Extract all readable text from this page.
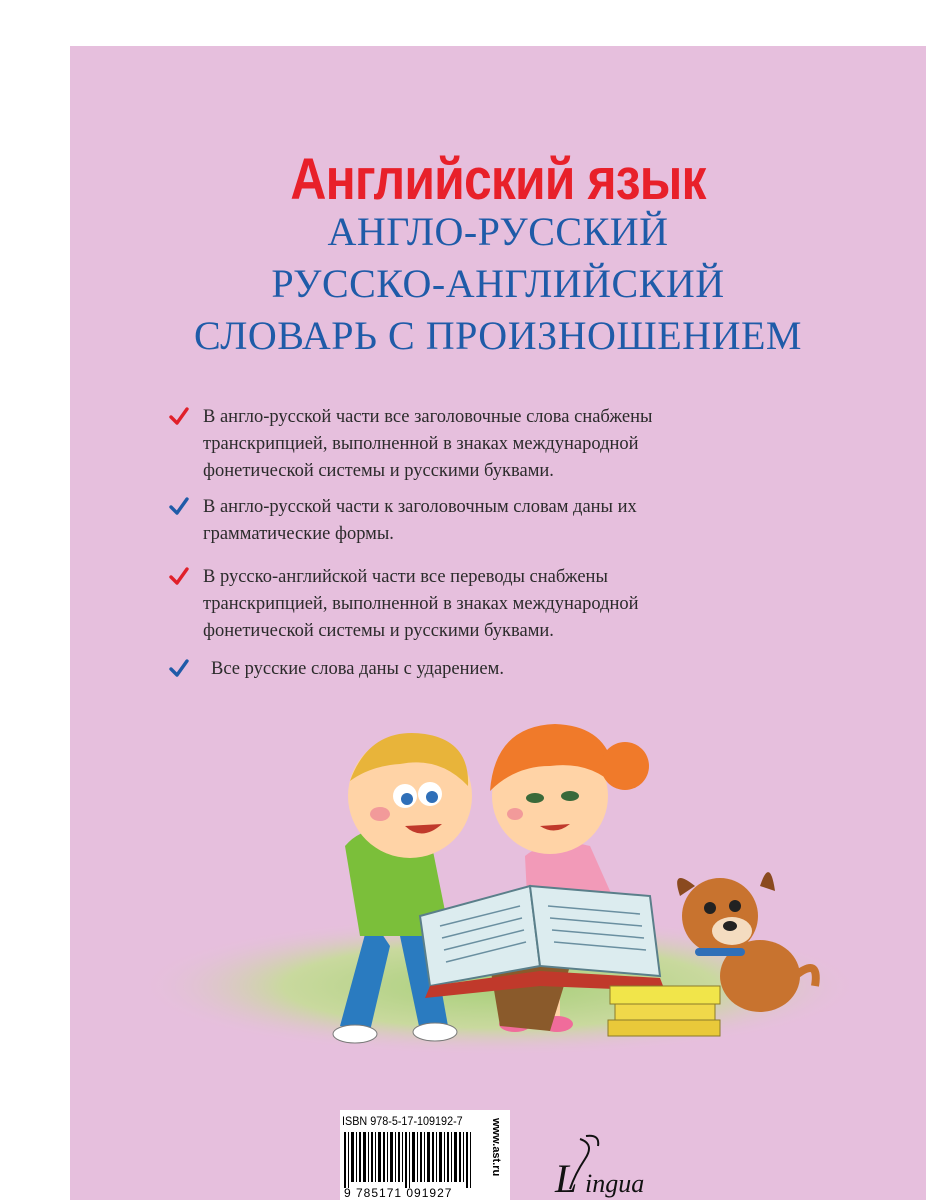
Английский язык

АНГЛО-РУССКИЙ

РУССКО-АНГЛИЙСКИЙ

СЛОВАРЬ С ПРОИЗНОШЕНИЕМ

В англо-русской части все заголовочные слова снабжены
транскрипцией, выполненной в знаках международной
фонетической системы и русскими буквами.
В англо-русской части к заголовочным словам даны их
грамматические формы.
В русско-английской части все переводы снабжены
транскрипцией, выполненной в знаках международной
фонетической системы и русскими буквами.
Все русские слова даны с ударением.
ISBN 978-5-17-109192-7
9 785171 091927
www.ast.ru
L ingua
